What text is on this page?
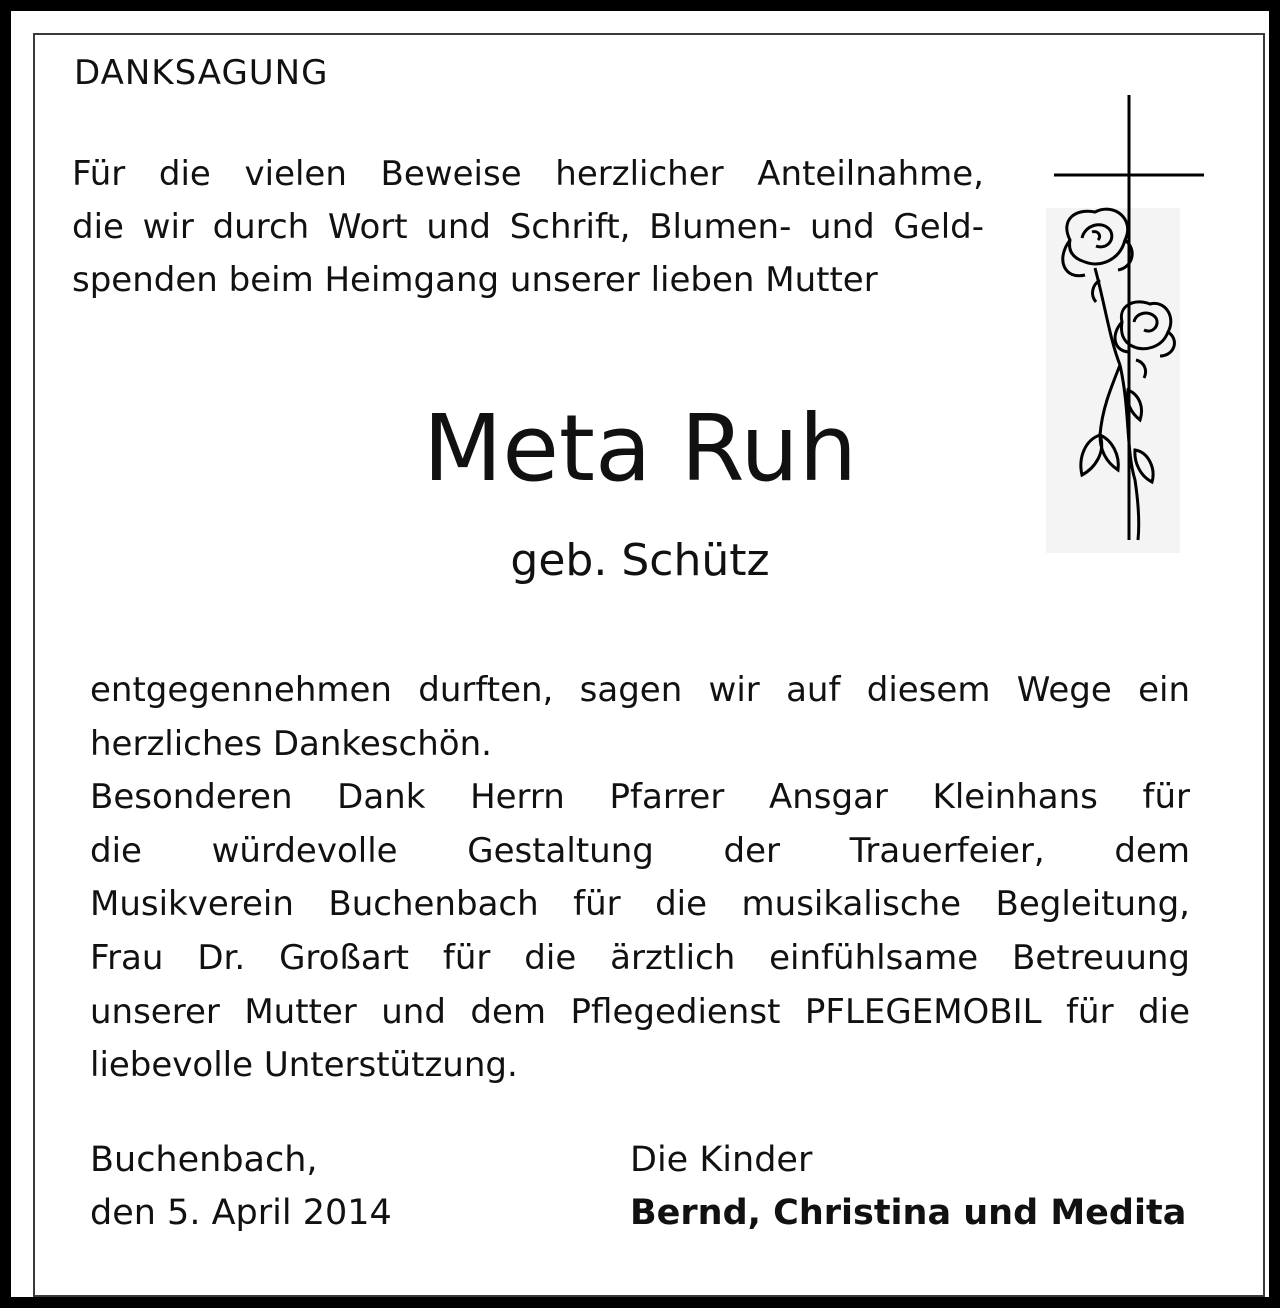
DANKSAGUNG
Für die vielen Beweise herzlicher Anteilnahme,
die wir durch Wort und Schrift, Blumen- und Geld-
spenden beim Heimgang unserer lieben Mutter
Meta Ruh
geb. Schütz
entgegennehmen durften, sagen wir auf diesem Wege ein
herzliches Dankeschön.
Besonderen Dank Herrn Pfarrer Ansgar Kleinhans für
die würdevolle Gestaltung der Trauerfeier, dem
Musikverein Buchenbach für die musikalische Begleitung,
Frau Dr. Großart für die ärztlich einfühlsame Betreuung
unserer Mutter und dem Pflegedienst PFLEGEMOBIL für die
liebevolle Unterstützung.
Buchenbach,
den 5. April 2014
Die Kinder
Bernd, Christina und Medita
